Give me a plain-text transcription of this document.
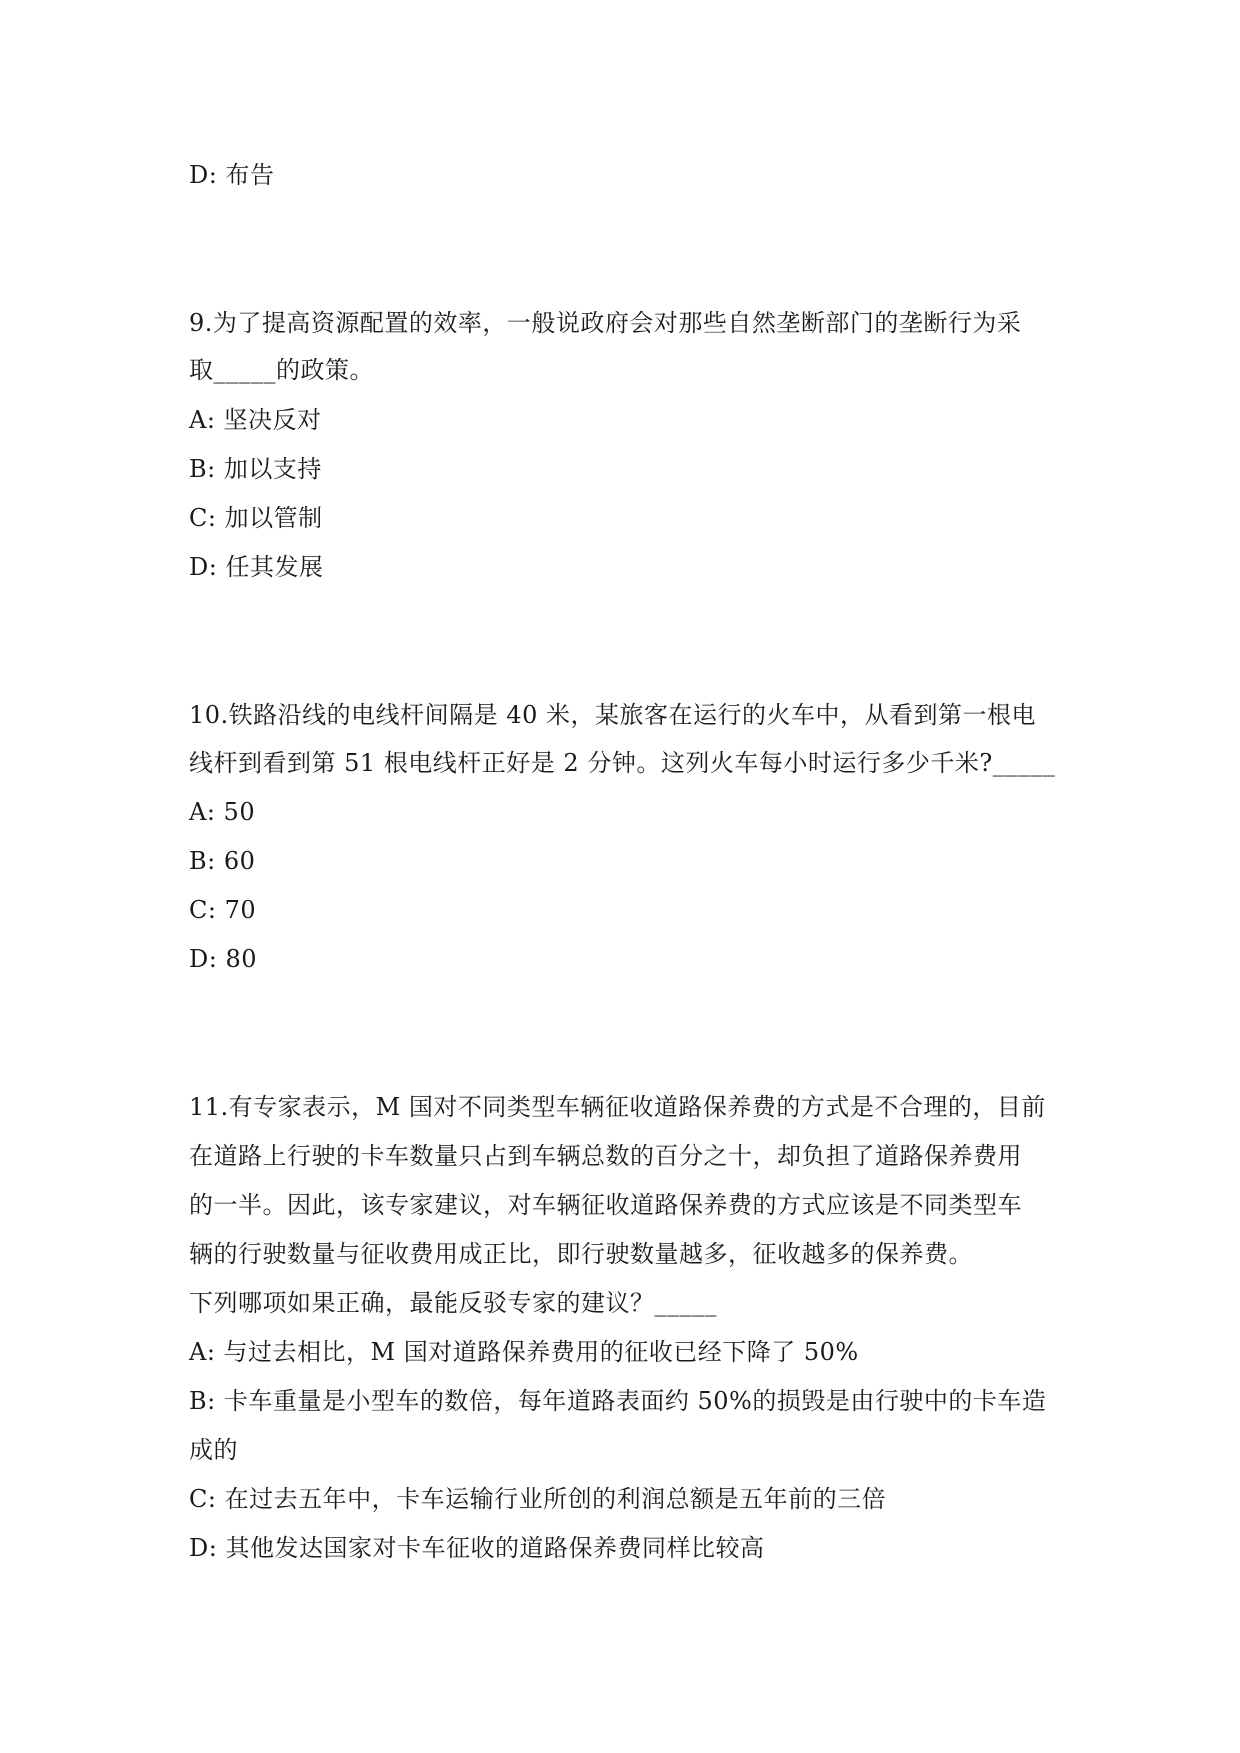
D: 布告
9.为了提高资源配置的效率，一般说政府会对那些自然垄断部门的垄断行为采
取_____的政策。
A: 坚决反对
B: 加以支持
C: 加以管制
D: 任其发展
10.铁路沿线的电线杆间隔是 40 米，某旅客在运行的火车中，从看到第一根电
线杆到看到第 51 根电线杆正好是 2 分钟。这列火车每小时运行多少千米?_____
A: 50
B: 60
C: 70
D: 80
11.有专家表示，M 国对不同类型车辆征收道路保养费的方式是不合理的，目前
在道路上行驶的卡车数量只占到车辆总数的百分之十，却负担了道路保养费用
的一半。因此，该专家建议，对车辆征收道路保养费的方式应该是不同类型车
辆的行驶数量与征收费用成正比，即行驶数量越多，征收越多的保养费。
下列哪项如果正确，最能反驳专家的建议？_____
A: 与过去相比，M 国对道路保养费用的征收已经下降了 50%
B: 卡车重量是小型车的数倍，每年道路表面约 50%的损毁是由行驶中的卡车造
成的
C: 在过去五年中，卡车运输行业所创的利润总额是五年前的三倍
D: 其他发达国家对卡车征收的道路保养费同样比较高
